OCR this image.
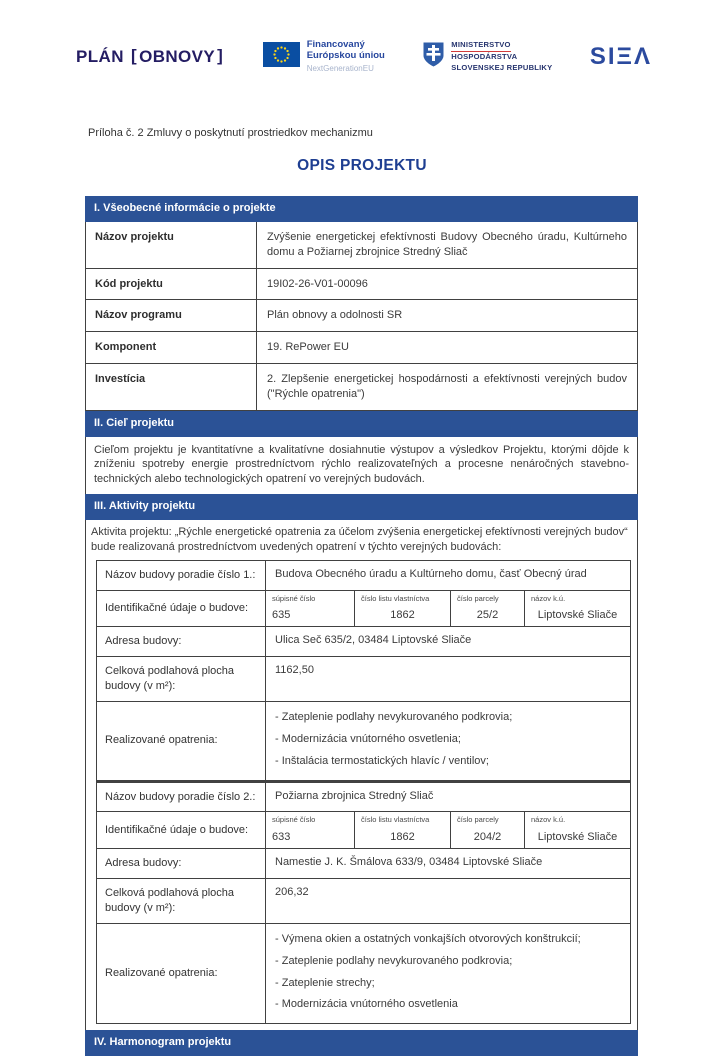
PLÁN [ OBNOVY ]
Financovaný
Európskou úniou
NextGenerationEU
MINISTERSTVO
HOSPODÁRSTVA
SLOVENSKEJ REPUBLIKY SIΞΛ
Príloha č. 2 Zmluvy o poskytnutí prostriedkov mechanizmu
OPIS PROJEKTU
I. Všeobecné informácie o projekte
Názov projektu	Zvýšenie energetickej efektívnosti Budovy Obecného úradu, Kultúrneho domu a Požiarnej zbrojnice Stredný Sliač
Kód projektu	19I02-26-V01-00096
Názov programu	Plán obnovy a odolnosti SR
Komponent	19. RePower EU
Investícia	2. Zlepšenie energetickej hospodárnosti a efektívnosti verejných budov ("Rýchle opatrenia")
II. Cieľ projektu
Cieľom projektu je kvantitatívne a kvalitatívne dosiahnutie výstupov a výsledkov Projektu, ktorými dôjde k zníženiu spotreby energie prostredníctvom rýchlo realizovateľných a procesne nenáročných stavebno-technických alebo technologických opatrení vo verejných budovách.
III. Aktivity projektu
Aktivita projektu: „Rýchle energetické opatrenia za účelom zvýšenia energetickej efektívnosti verejných budov“ bude realizovaná prostredníctvom uvedených opatrení v týchto verejných budovách:
Názov budovy poradie číslo 1.:	Budova Obecného úradu a Kultúrneho domu, časť Obecný úrad
Identifikačné údaje o budove:
súpisné číslo
635
číslo listu vlastníctva
1862
číslo parcely
25/2
názov k.ú.
Liptovské Sliače
Adresa budovy:	Ulica Seč 635/2, 03484 Liptovské Sliače
Celková podlahová plocha budovy (v m²):
1162,50
Realizované opatrenia:
- Zateplenie podlahy nevykurovaného podkrovia;
- Modernizácia vnútorného osvetlenia;
- Inštalácia termostatických hlavíc / ventilov;
Názov budovy poradie číslo 2.:	Požiarna zbrojnica Stredný Sliač
Identifikačné údaje o budove:
súpisné číslo
633
číslo listu vlastníctva
1862
číslo parcely
204/2
názov k.ú.
Liptovské Sliače
Adresa budovy:	Namestie J. K. Šmálova 633/9, 03484 Liptovské Sliače
Celková podlahová plocha budovy (v m²):
206,32
Realizované opatrenia:
- Výmena okien a ostatných vonkajších otvorových konštrukcií;
- Zateplenie podlahy nevykurovaného podkrovia;
- Zateplenie strechy;
- Modernizácia vnútorného osvetlenia
IV. Harmonogram projektu
